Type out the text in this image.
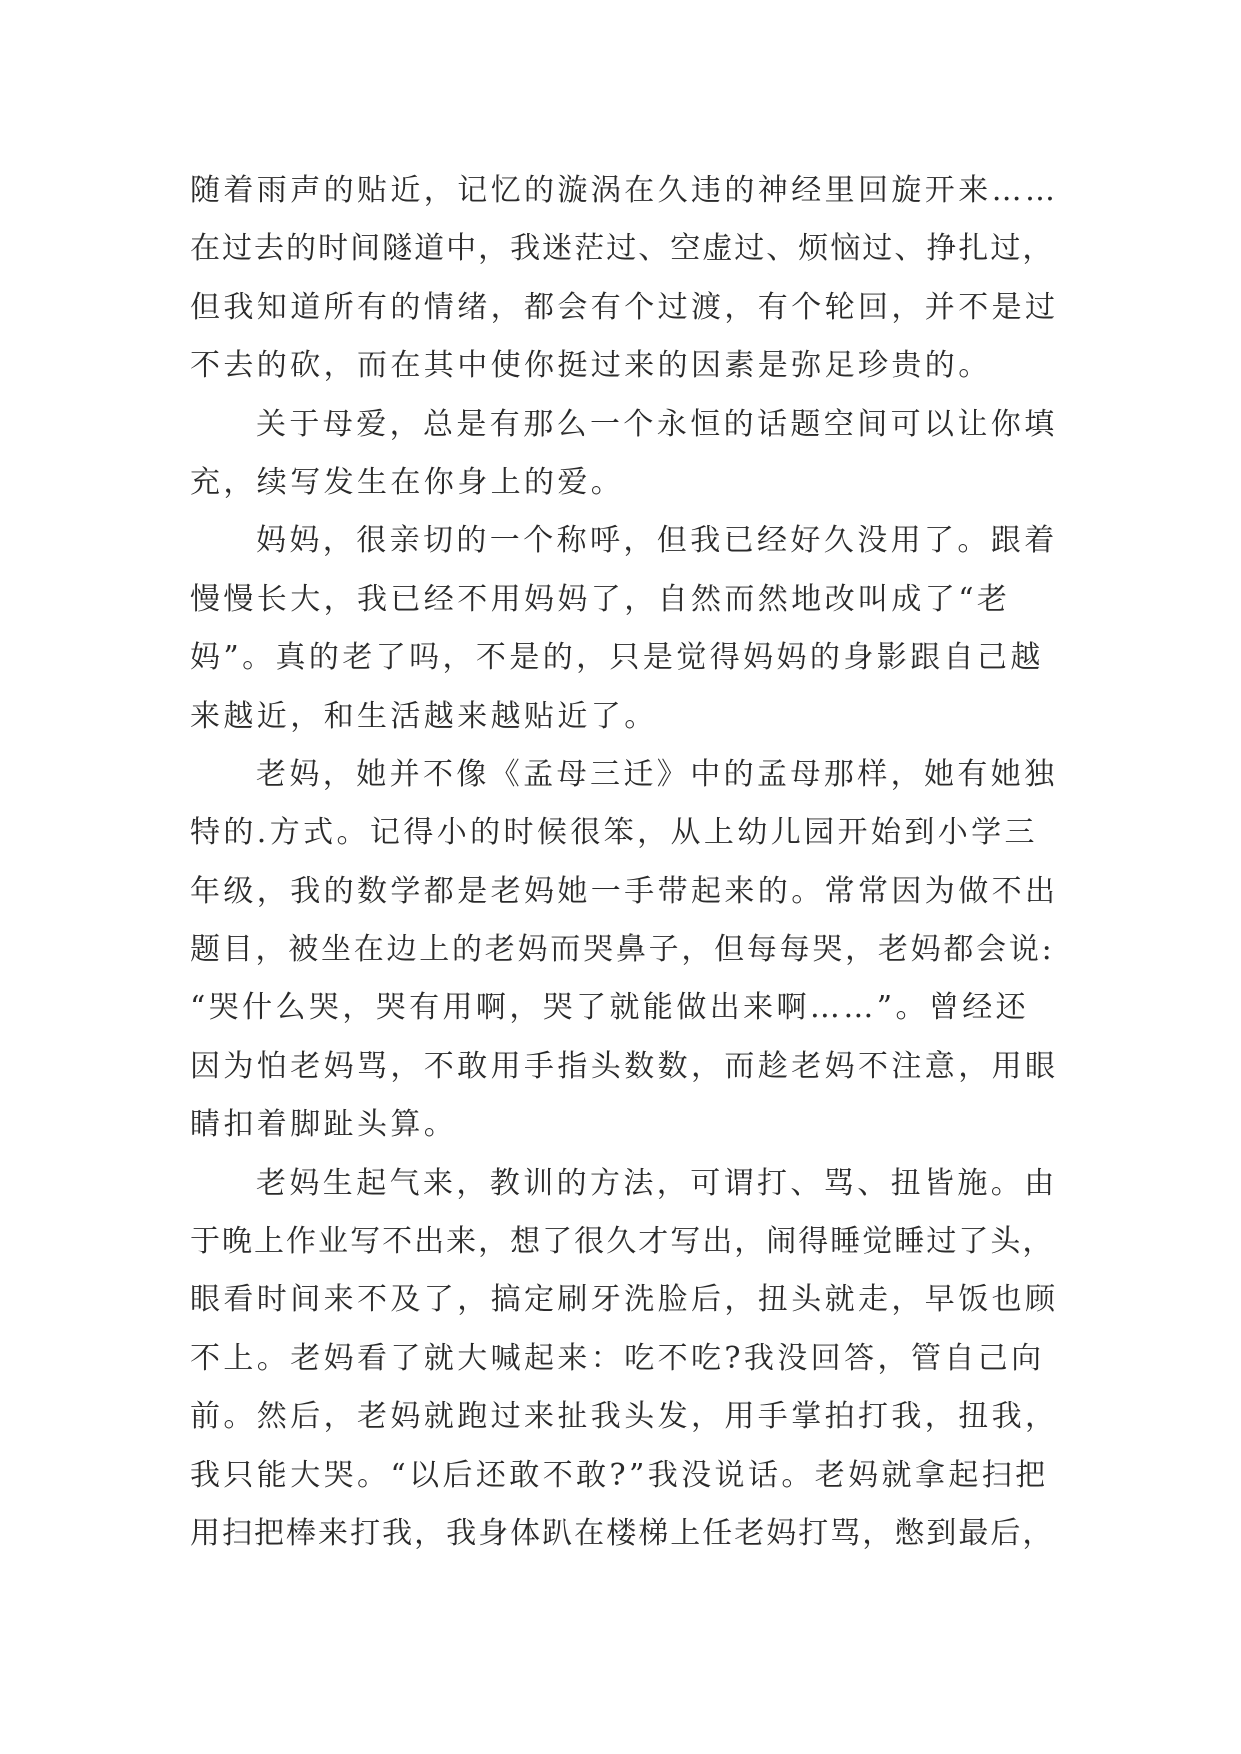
随着雨声的贴近，记忆的漩涡在久违的神经里回旋开来……
在过去的时间隧道中，我迷茫过、空虚过、烦恼过、挣扎过，
但我知道所有的情绪，都会有个过渡，有个轮回，并不是过
不去的砍，而在其中使你挺过来的因素是弥足珍贵的。
关于母爱，总是有那么一个永恒的话题空间可以让你填
充，续写发生在你身上的爱。
妈妈，很亲切的一个称呼，但我已经好久没用了。跟着
慢慢长大，我已经不用妈妈了，自然而然地改叫成了“老
妈”。真的老了吗，不是的，只是觉得妈妈的身影跟自己越
来越近，和生活越来越贴近了。
老妈，她并不像《孟母三迁》中的孟母那样，她有她独
特的.方式。记得小的时候很笨，从上幼儿园开始到小学三
年级，我的数学都是老妈她一手带起来的。常常因为做不出
题目，被坐在边上的老妈而哭鼻子，但每每哭，老妈都会说:
“哭什么哭，哭有用啊，哭了就能做出来啊……”。曾经还
因为怕老妈骂，不敢用手指头数数，而趁老妈不注意，用眼
睛扣着脚趾头算。
老妈生起气来，教训的方法，可谓打、骂、扭皆施。由
于晚上作业写不出来，想了很久才写出，闹得睡觉睡过了头，
眼看时间来不及了，搞定刷牙洗脸后，扭头就走，早饭也顾
不上。老妈看了就大喊起来：吃不吃?我没回答，管自己向
前。然后，老妈就跑过来扯我头发，用手掌拍打我，扭我，
我只能大哭。“以后还敢不敢?”我没说话。老妈就拿起扫把
用扫把棒来打我，我身体趴在楼梯上任老妈打骂，憋到最后，
